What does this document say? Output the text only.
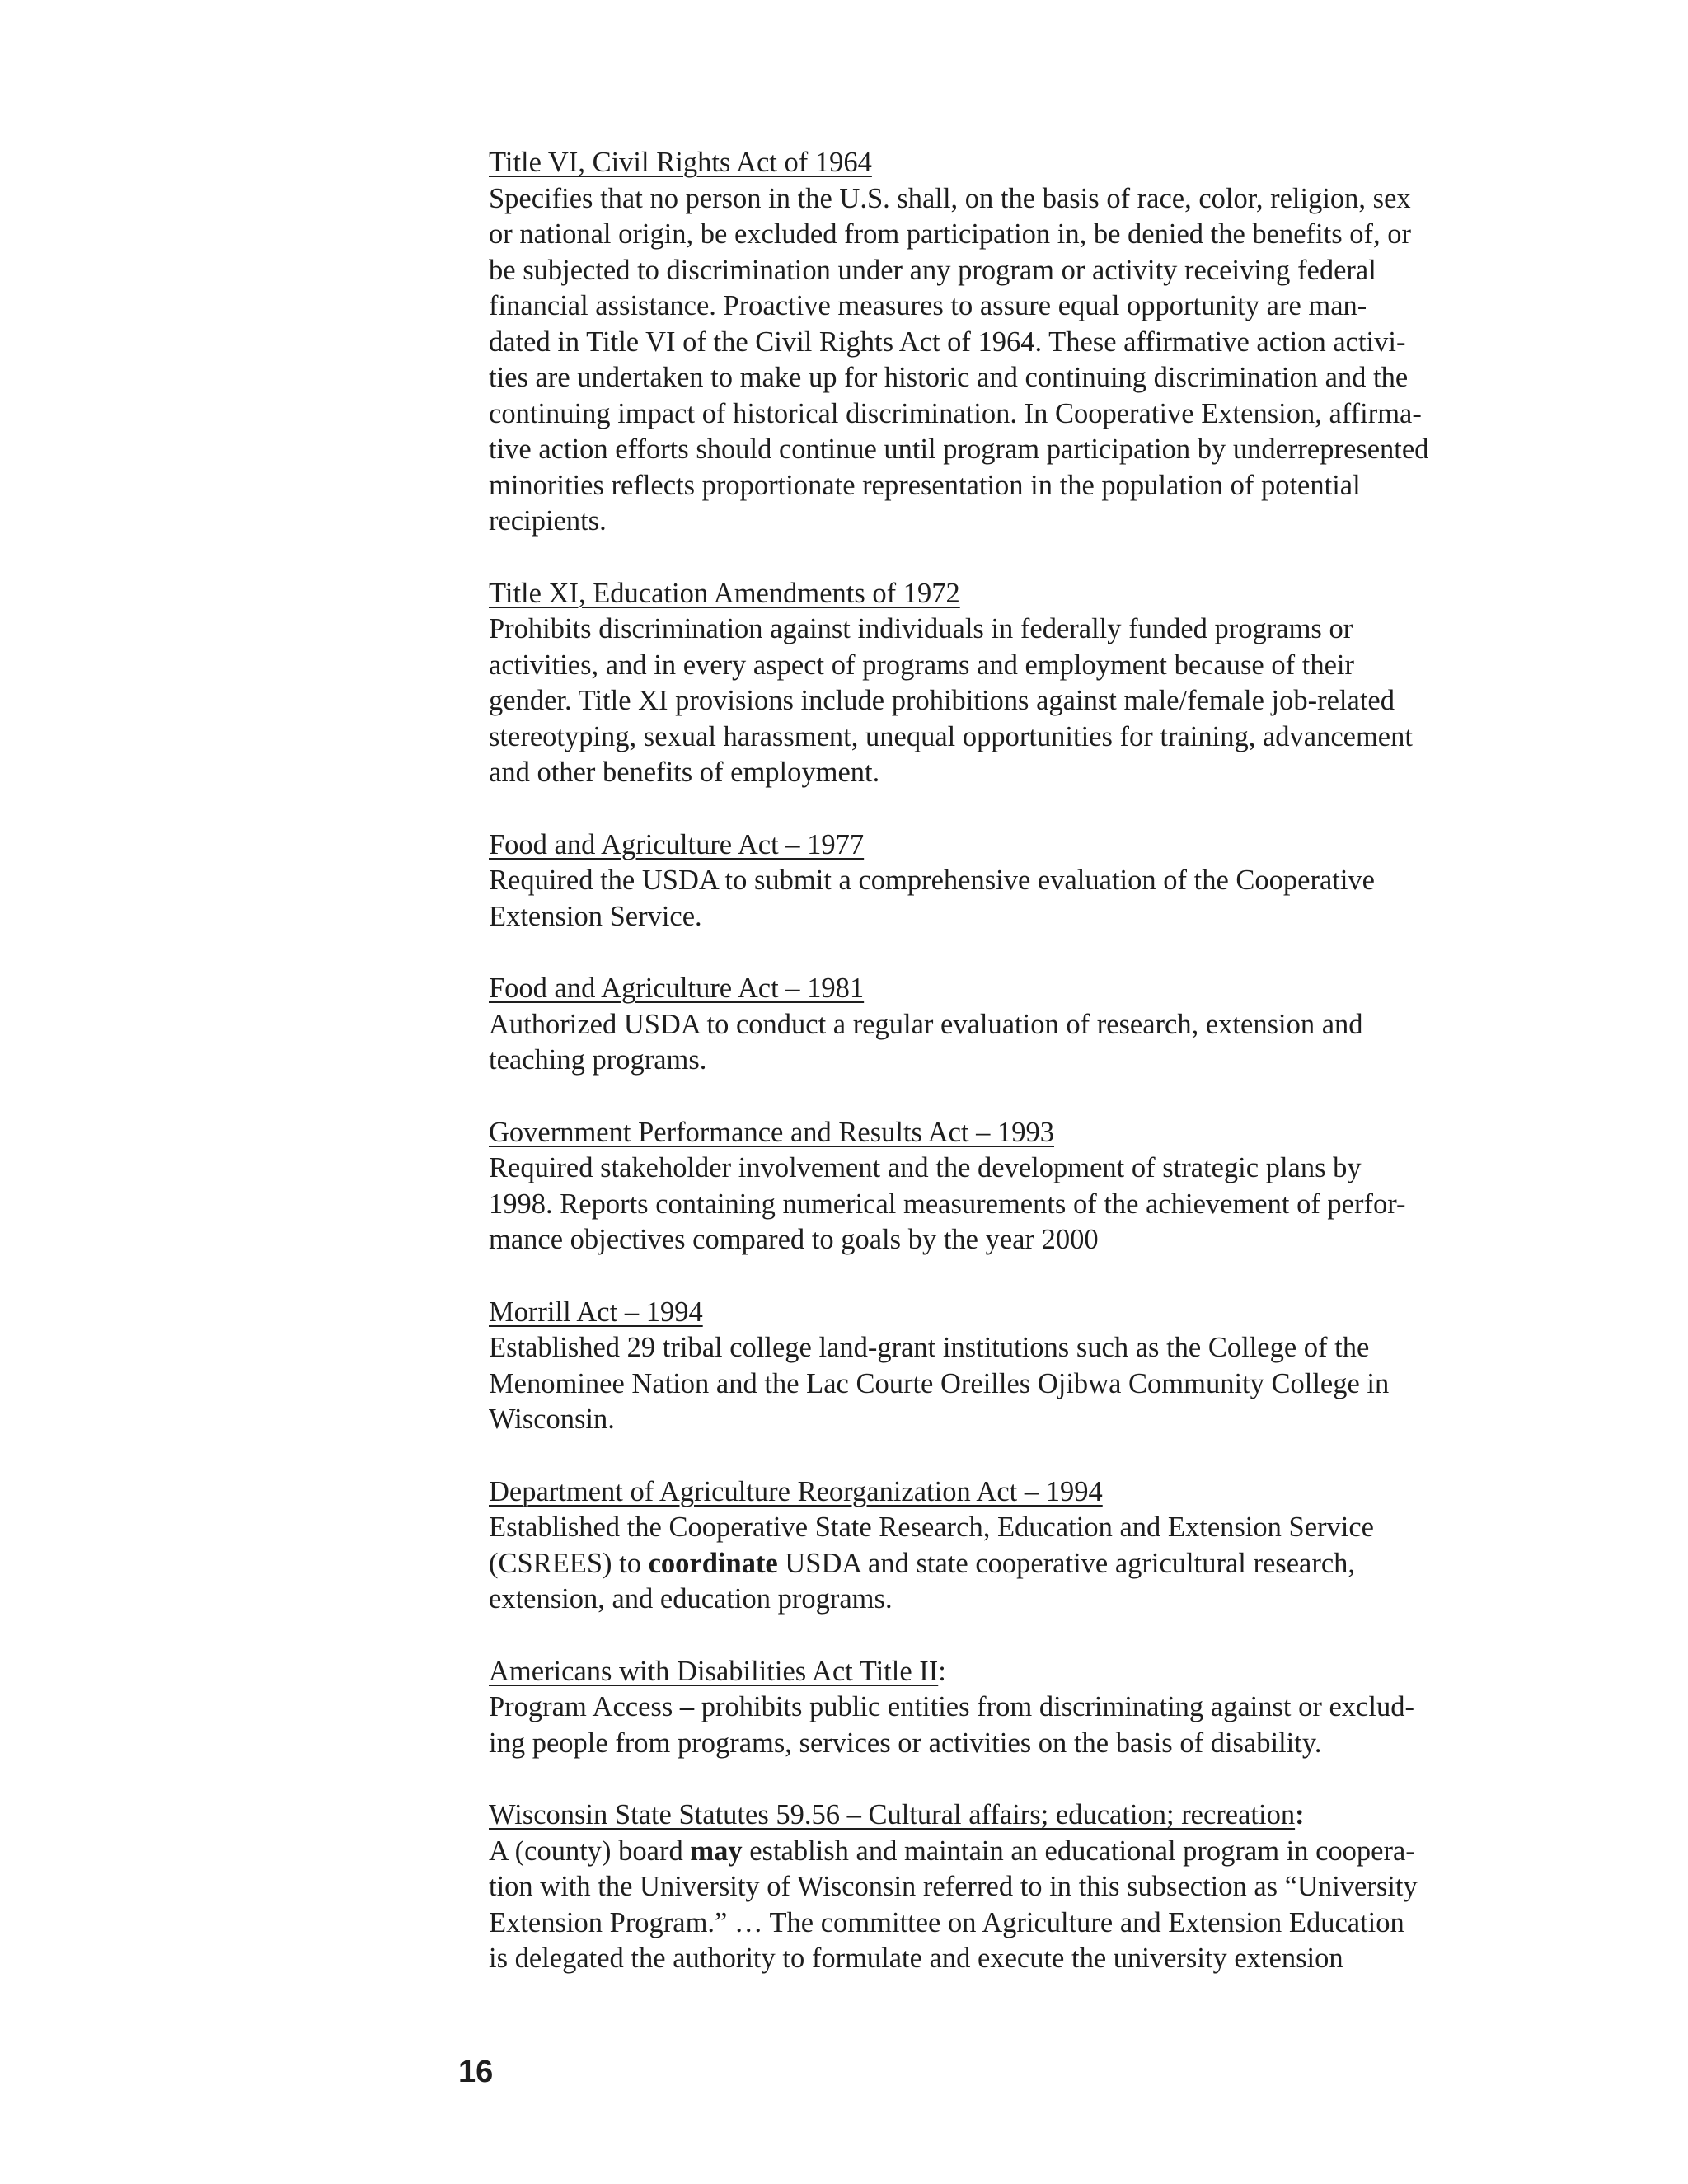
Title VI, Civil Rights Act of 1964
Specifies that no person in the U.S. shall, on the basis of race, color, religion, sex
or national origin, be excluded from participation in, be denied the benefits of, or
be subjected to discrimination under any program or activity receiving federal
financial assistance. Proactive measures to assure equal opportunity are man-
dated in Title VI of the Civil Rights Act of 1964. These affirmative action activi-
ties are undertaken to make up for historic and continuing discrimination and the
continuing impact of historical discrimination. In Cooperative Extension, affirma-
tive action efforts should continue until program participation by underrepresented
minorities reflects proportionate representation in the population of potential
recipients.
Title XI, Education Amendments of 1972
Prohibits discrimination against individuals in federally funded programs or
activities, and in every aspect of programs and employment because of their
gender. Title XI provisions include prohibitions against male/female job-related
stereotyping, sexual harassment, unequal opportunities for training, advancement
and other benefits of employment.
Food and Agriculture Act – 1977
Required the USDA to submit a comprehensive evaluation of the Cooperative
Extension Service.
Food and Agriculture Act – 1981
Authorized USDA to conduct a regular evaluation of research, extension and
teaching programs.
Government Performance and Results Act – 1993
Required stakeholder involvement and the development of strategic plans by
1998. Reports containing numerical measurements of the achievement of perfor-
mance objectives compared to goals by the year 2000
Morrill Act – 1994
Established 29 tribal college land-grant institutions such as the College of the
Menominee Nation and the Lac Courte Oreilles Ojibwa Community College in
Wisconsin.
Department of Agriculture Reorganization Act – 1994
Established the Cooperative State Research, Education and Extension Service
(CSREES) to coordinate USDA and state cooperative agricultural research,
extension, and education programs.
Americans with Disabilities Act Title II:
Program Access – prohibits public entities from discriminating against or exclud-
ing people from programs, services or activities on the basis of disability.
Wisconsin State Statutes 59.56 – Cultural affairs; education; recreation:
A (county) board may establish and maintain an educational program in coopera-
tion with the University of Wisconsin referred to in this subsection as “University
Extension Program.” … The committee on Agriculture and Extension Education
is delegated the authority to formulate and execute the university extension
16
